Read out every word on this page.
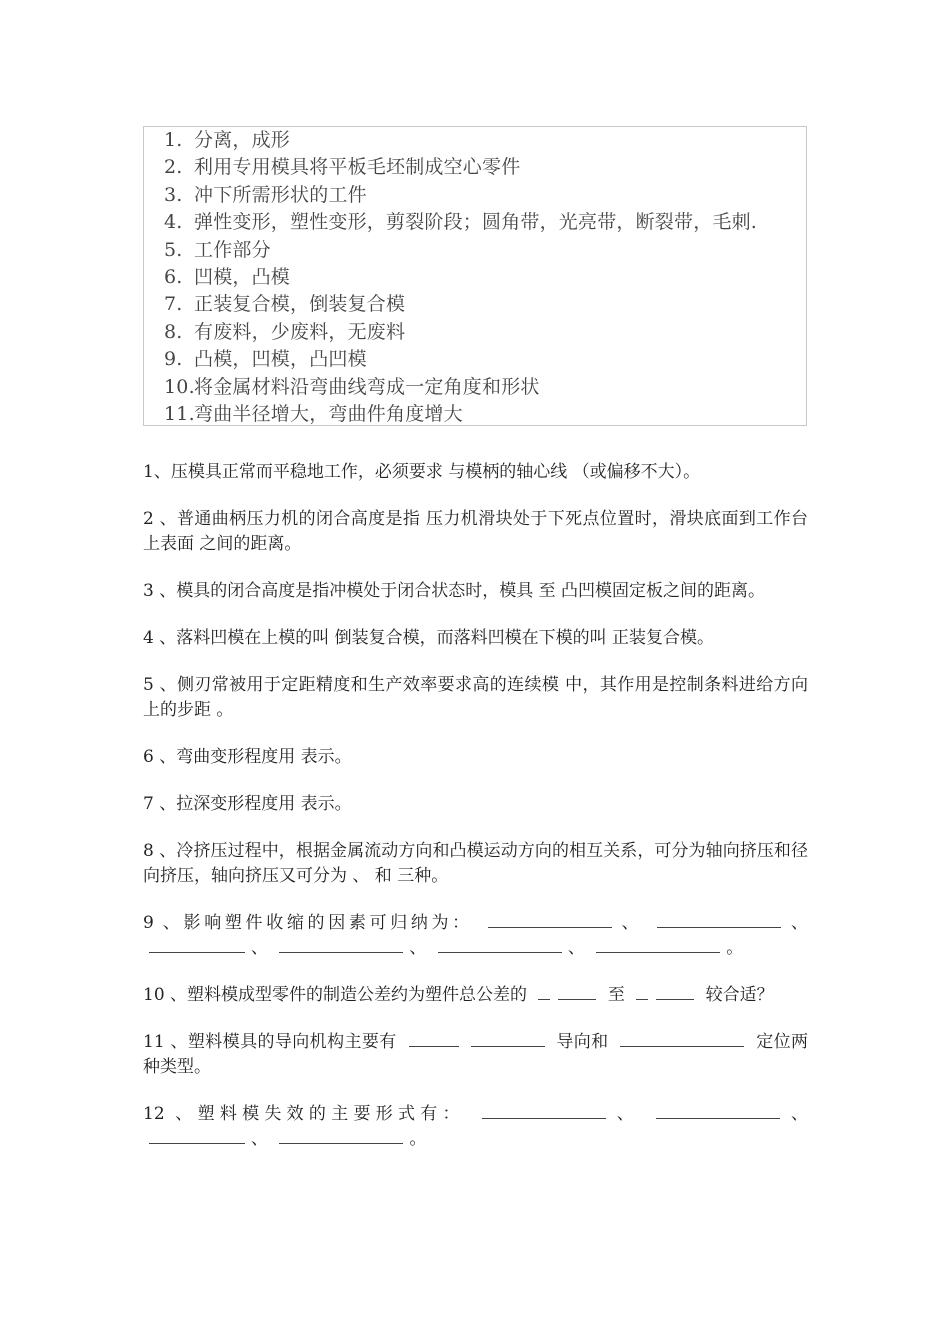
1. 分离，成形
2. 利用专用模具将平板毛坯制成空心零件
3. 冲下所需形状的工件
4. 弹性变形，塑性变形，剪裂阶段；圆角带，光亮带，断裂带，毛刺.
5. 工作部分
6. 凹模，凸模
7. 正装复合模，倒装复合模
8. 有废料，少废料，无废料
9. 凸模，凹模，凸凹模
10.将金属材料沿弯曲线弯成一定角度和形状
11.弯曲半径增大，弯曲件角度增大

1、压模具正常而平稳地工作，必须要求 与模柄的轴心线 （或偏移不大）。

2 、普通曲柄压力机的闭合高度是指 压力机滑块处于下死点位置时，滑块底面到工作台上表面 之间的距离。

3 、模具的闭合高度是指冲模处于闭合状态时，模具 至 凸凹模固定板之间的距离。

4 、落料凹模在上模的叫 倒装复合模，而落料凹模在下模的叫 正装复合模。

5 、侧刃常被用于定距精度和生产效率要求高的连续模 中，其作用是控制条料进给方向上的步距 。

6 、弯曲变形程度用 表示。

7 、拉深变形程度用 表示。

8 、冷挤压过程中，根据金属流动方向和凸模运动方向的相互关系，可分为轴向挤压和径向挤压，轴向挤压又可分为 、 和 三种。

9 、影响塑件收缩的因素可归纳为：	、	、 、	、	、	。

10 、塑料模成型零件的制造公差约为塑件总公差的	至	较合适？

11 、塑料模具的导向机构主要有	导向和	定位两种类型。

12 、塑料模失效的主要形式有：	、	、 、	。
